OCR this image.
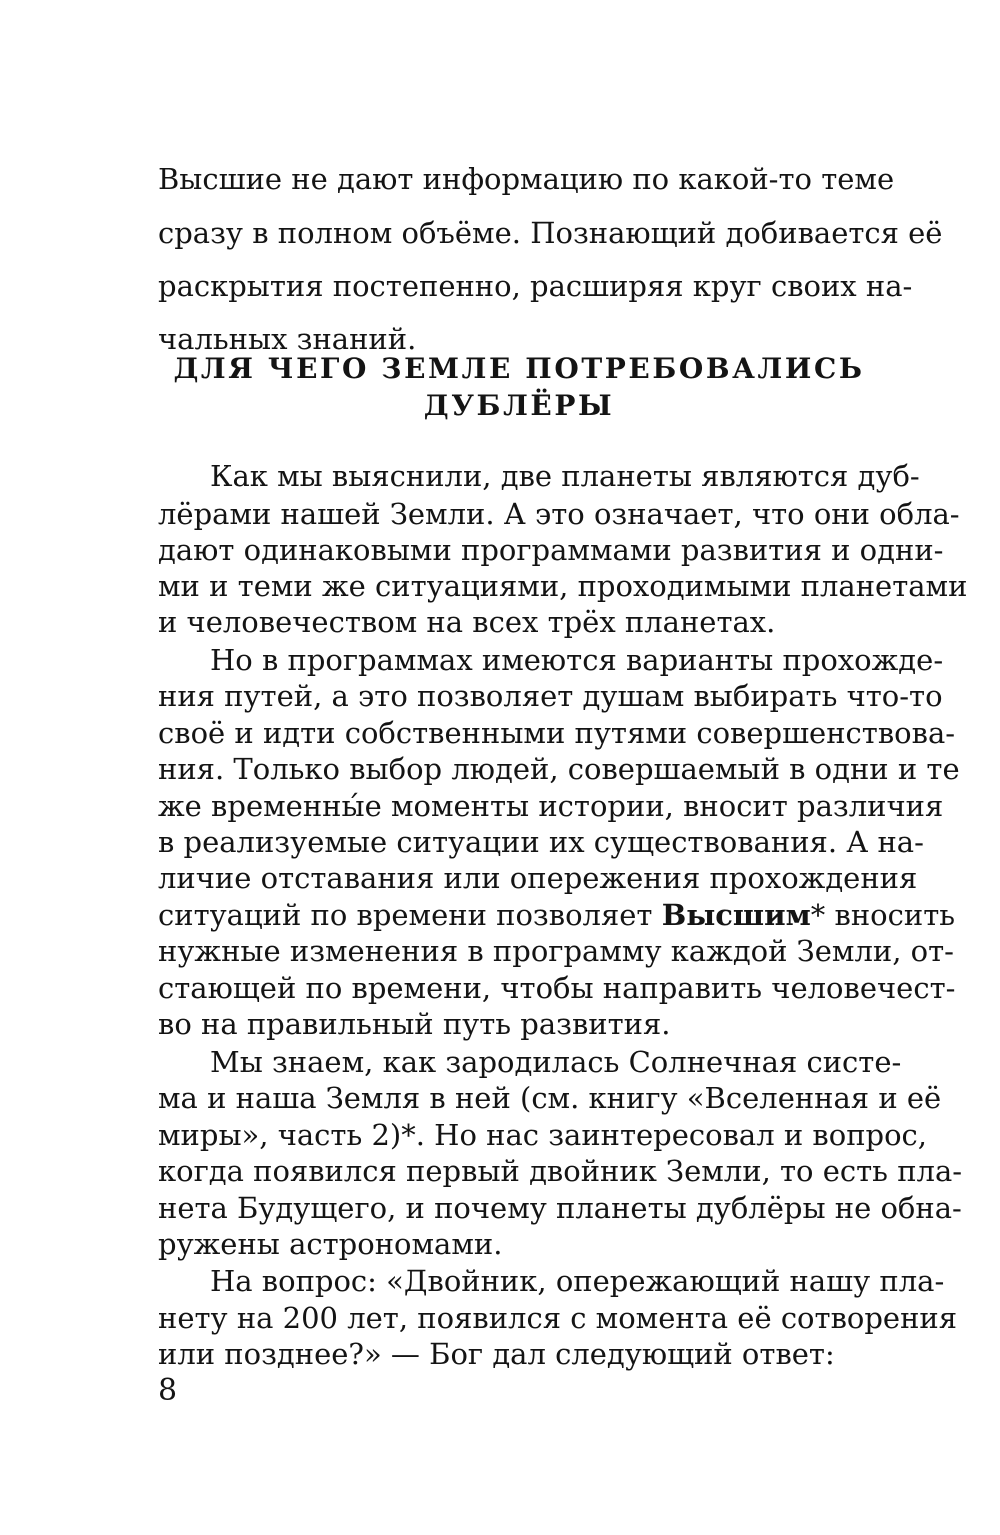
Высшие не дают информацию по какой-то теме
сразу в полном объёме. Познающий добивается её
раскрытия постепенно, расширяя круг своих на-
чальных знаний.
ДЛЯ ЧЕГО ЗЕМЛЕ ПОТРЕБОВАЛИСЬ
ДУБЛЁРЫ
Как мы выяснили, две планеты являются дуб-
лёрами нашей Земли. А это означает, что они обла-
дают одинаковыми программами развития и одни-
ми и теми же ситуациями, проходимыми планетами
и человечеством на всех трёх планетах.
Но в программах имеются варианты прохожде-
ния путей, а это позволяет душам выбирать что-то
своё и идти собственными путями совершенствова-
ния. Только выбор людей, совершаемый в одни и те
же временны́е моменты истории, вносит различия
в реализуемые ситуации их существования. А на-
личие отставания или опережения прохождения
ситуаций по времени позволяет Высшим* вносить
нужные изменения в программу каждой Земли, от-
стающей по времени, чтобы направить человечест-
во на правильный путь развития.
Мы знаем, как зародилась Солнечная систе-
ма и наша Земля в ней (см. книгу «Вселенная и её
миры», часть 2)*. Но нас заинтересовал и вопрос,
когда появился первый двойник Земли, то есть пла-
нета Будущего, и почему планеты дублёры не обна-
ружены астрономами.
На вопрос: «Двойник, опережающий нашу пла-
нету на 200 лет, появился с момента её сотворения
или позднее?» — Бог дал следующий ответ:
8
